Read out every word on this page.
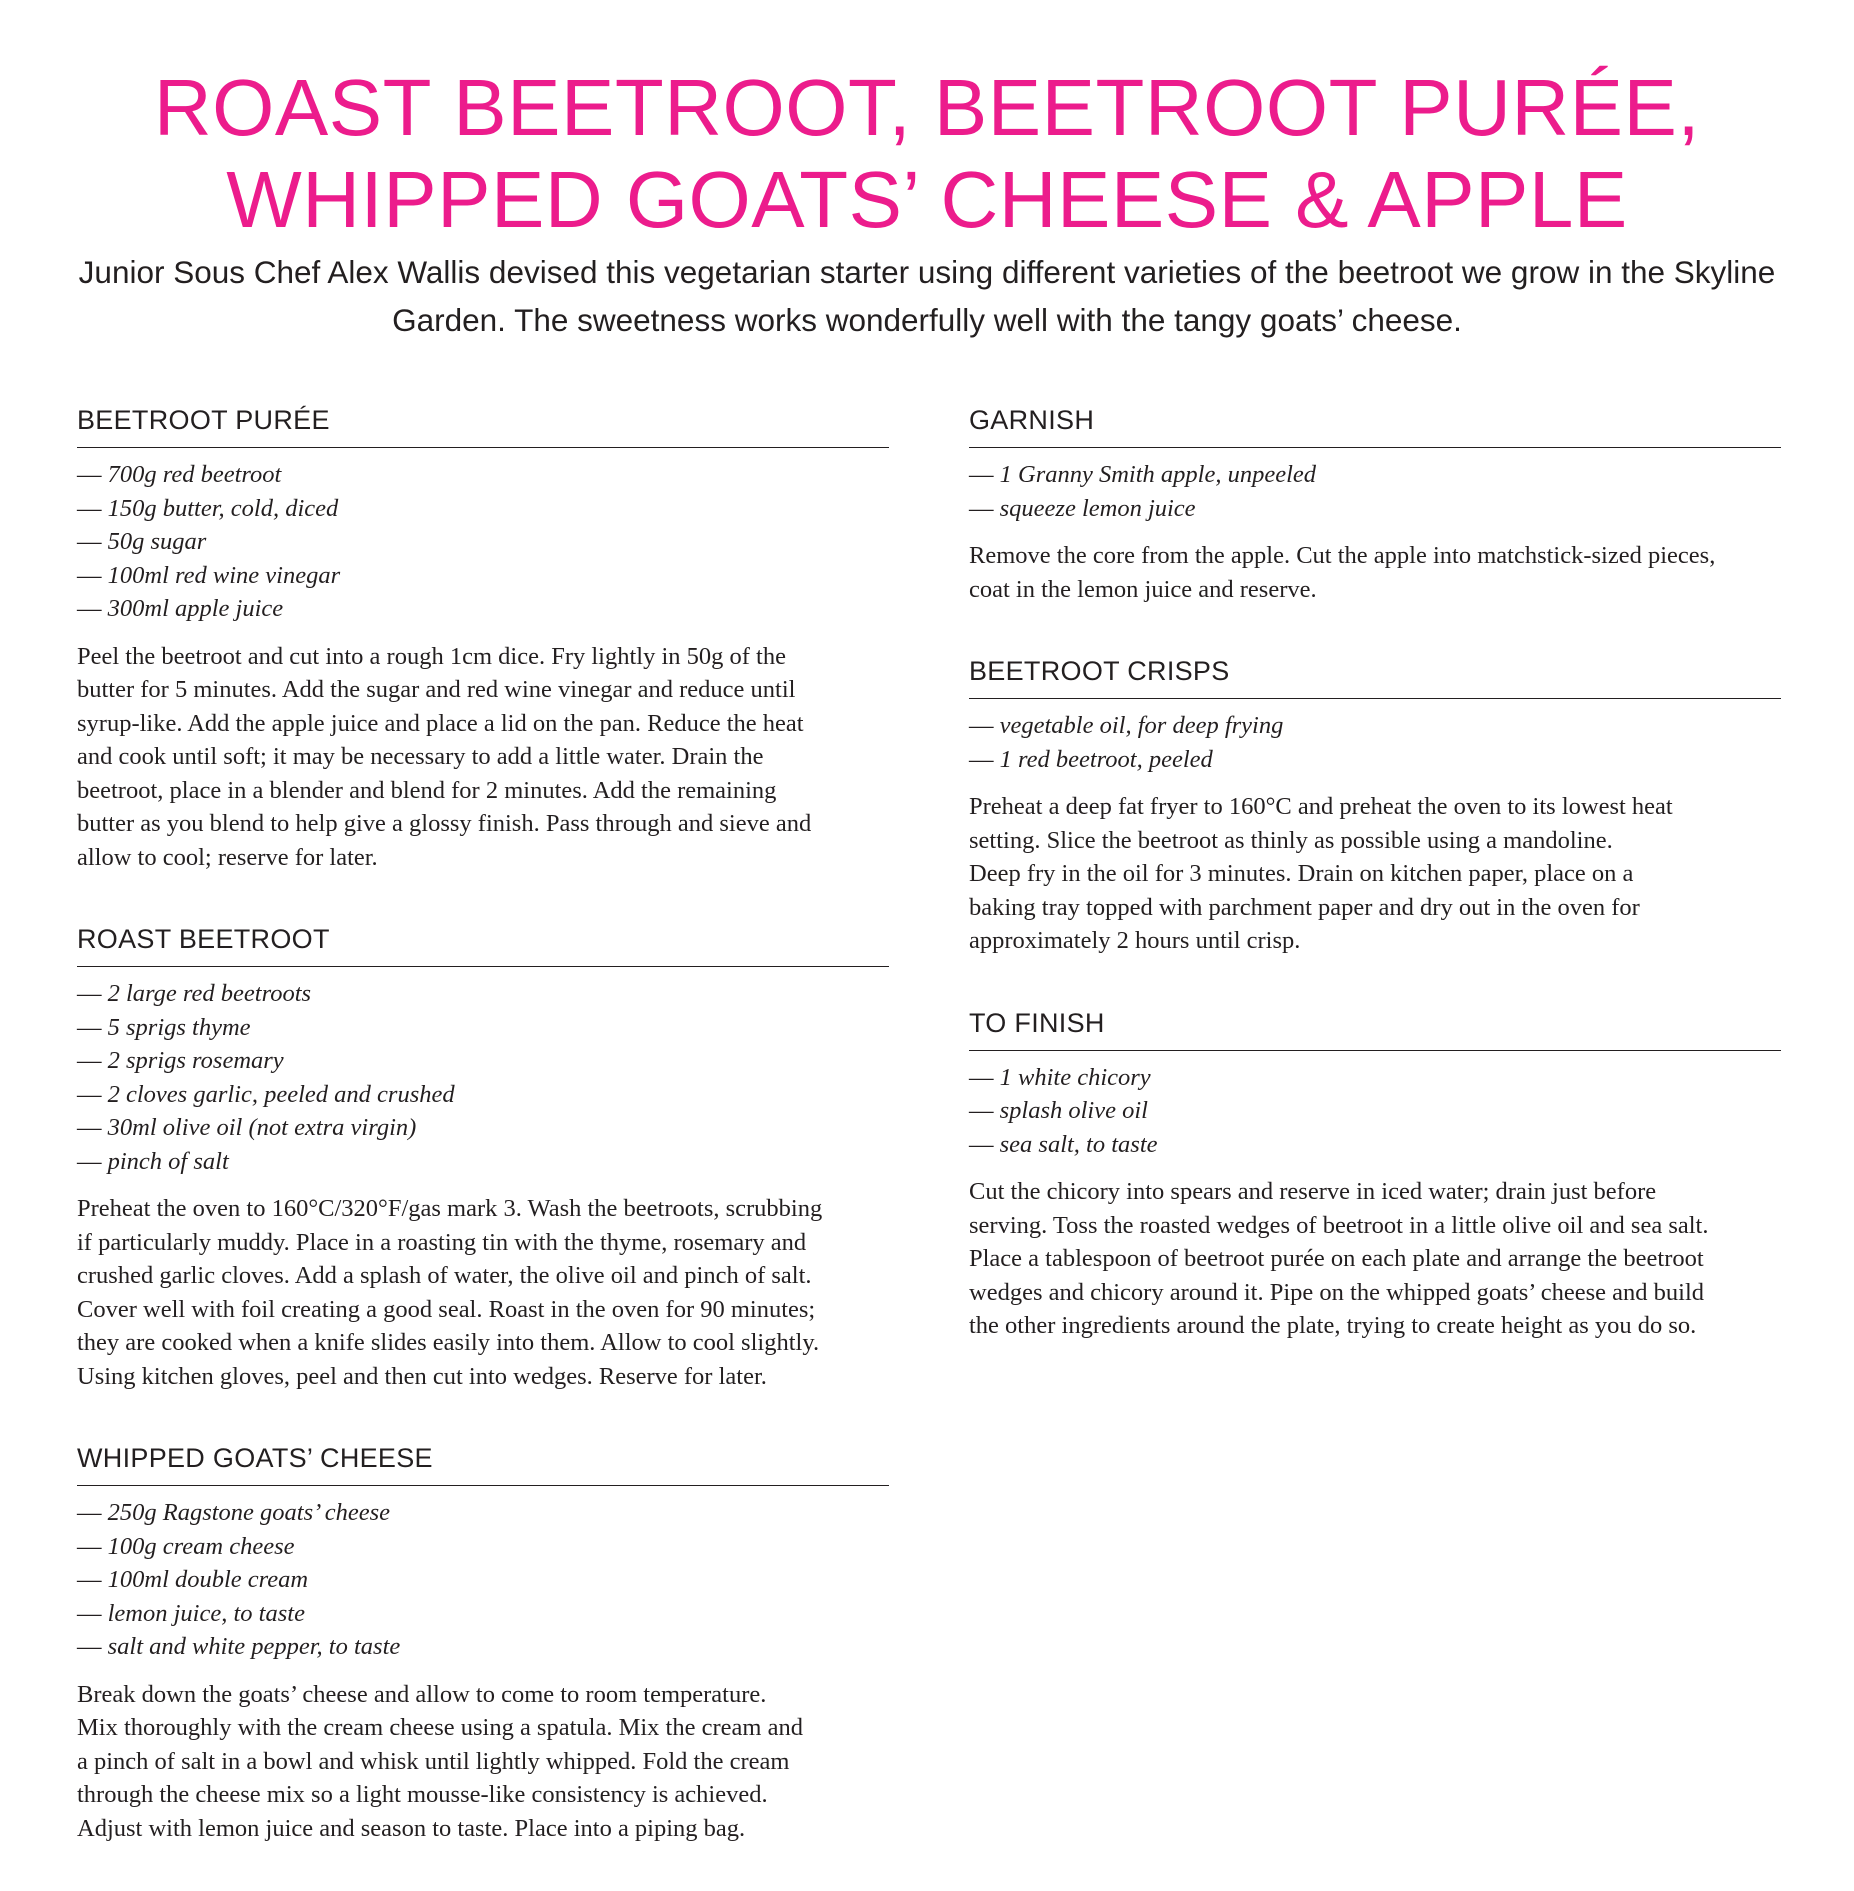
ROAST BEETROOT, BEETROOT PURÉE,
WHIPPED GOATS’ CHEESE & APPLE

Junior Sous Chef Alex Wallis devised this vegetarian starter using different varieties of the beetroot we grow in the Skyline Garden. The sweetness works wonderfully well with the tangy goats’ cheese.

BEETROOT PURÉE
— 700g red beetroot
— 150g butter, cold, diced
— 50g sugar
— 100ml red wine vinegar
— 300ml apple juice

Peel the beetroot and cut into a rough 1cm dice. Fry lightly in 50g of the
butter for 5 minutes. Add the sugar and red wine vinegar and reduce until
syrup-like. Add the apple juice and place a lid on the pan. Reduce the heat
and cook until soft; it may be necessary to add a little water. Drain the
beetroot, place in a blender and blend for 2 minutes. Add the remaining
butter as you blend to help give a glossy finish. Pass through and sieve and
allow to cool; reserve for later.

ROAST BEETROOT
— 2 large red beetroots
— 5 sprigs thyme
— 2 sprigs rosemary
— 2 cloves garlic, peeled and crushed
— 30ml olive oil (not extra virgin)
— pinch of salt

Preheat the oven to 160°C/320°F/gas mark 3. Wash the beetroots, scrubbing
if particularly muddy. Place in a roasting tin with the thyme, rosemary and
crushed garlic cloves. Add a splash of water, the olive oil and pinch of salt.
Cover well with foil creating a good seal. Roast in the oven for 90 minutes;
they are cooked when a knife slides easily into them. Allow to cool slightly.
Using kitchen gloves, peel and then cut into wedges. Reserve for later.

WHIPPED GOATS’ CHEESE
— 250g Ragstone goats’ cheese
— 100g cream cheese
— 100ml double cream
— lemon juice, to taste
— salt and white pepper, to taste

Break down the goats’ cheese and allow to come to room temperature.
Mix thoroughly with the cream cheese using a spatula. Mix the cream and
a pinch of salt in a bowl and whisk until lightly whipped. Fold the cream
through the cheese mix so a light mousse-like consistency is achieved.
Adjust with lemon juice and season to taste. Place into a piping bag.

GARNISH
— 1 Granny Smith apple, unpeeled
— squeeze lemon juice

Remove the core from the apple. Cut the apple into matchstick-sized pieces,
coat in the lemon juice and reserve.

BEETROOT CRISPS
— vegetable oil, for deep frying
— 1 red beetroot, peeled

Preheat a deep fat fryer to 160°C and preheat the oven to its lowest heat
setting. Slice the beetroot as thinly as possible using a mandoline.
Deep fry in the oil for 3 minutes. Drain on kitchen paper, place on a
baking tray topped with parchment paper and dry out in the oven for
approximately 2 hours until crisp.

TO FINISH
— 1 white chicory
— splash olive oil
— sea salt, to taste

Cut the chicory into spears and reserve in iced water; drain just before
serving. Toss the roasted wedges of beetroot in a little olive oil and sea salt.
Place a tablespoon of beetroot purée on each plate and arrange the beetroot
wedges and chicory around it. Pipe on the whipped goats’ cheese and build
the other ingredients around the plate, trying to create height as you do so.
